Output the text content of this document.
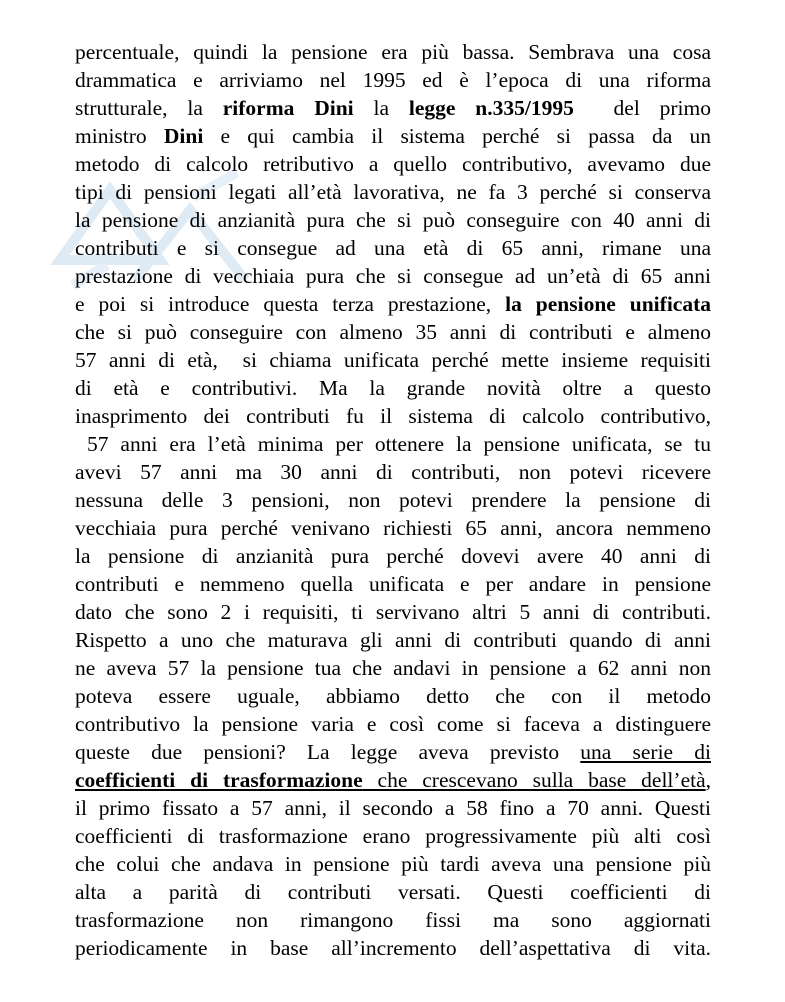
percentuale, quindi la pensione era più bassa. Sembrava una cosa
drammatica e arriviamo nel 1995 ed è l’epoca di una riforma
strutturale, la riforma Dini la legge n.335/1995  del primo
ministro Dini e qui cambia il sistema perché si passa da un
metodo di calcolo retributivo a quello contributivo, avevamo due
tipi di pensioni legati all’età lavorativa, ne fa 3 perché si conserva
la pensione di anzianità pura che si può conseguire con 40 anni di
contributi e si consegue ad una età di 65 anni, rimane una
prestazione di vecchiaia pura che si consegue ad un’età di 65 anni
e poi si introduce questa terza prestazione, la pensione unificata
che si può conseguire con almeno 35 anni di contributi e almeno
57 anni di età,  si chiama unificata perché mette insieme requisiti
di età e contributivi. Ma la grande novità oltre a questo
inasprimento dei contributi fu il sistema di calcolo contributivo,
57 anni era l’età minima per ottenere la pensione unificata, se tu
avevi 57 anni ma 30 anni di contributi, non potevi ricevere
nessuna delle 3 pensioni, non potevi prendere la pensione di
vecchiaia pura perché venivano richiesti 65 anni, ancora nemmeno
la pensione di anzianità pura perché dovevi avere 40 anni di
contributi e nemmeno quella unificata e per andare in pensione
dato che sono 2 i requisiti, ti servivano altri 5 anni di contributi.
Rispetto a uno che maturava gli anni di contributi quando di anni
ne aveva 57 la pensione tua che andavi in pensione a 62 anni non
poteva essere uguale, abbiamo detto che con il metodo
contributivo la pensione varia e così come si faceva a distinguere
queste due pensioni? La legge aveva previsto una serie di
coefficienti di trasformazione che crescevano sulla base dell’età,
il primo fissato a 57 anni, il secondo a 58 fino a 70 anni. Questi
coefficienti di trasformazione erano progressivamente più alti così
che colui che andava in pensione più tardi aveva una pensione più
alta a parità di contributi versati. Questi coefficienti di
trasformazione non rimangono fissi ma sono aggiornati
periodicamente in base all’incremento dell’aspettativa di vita.
